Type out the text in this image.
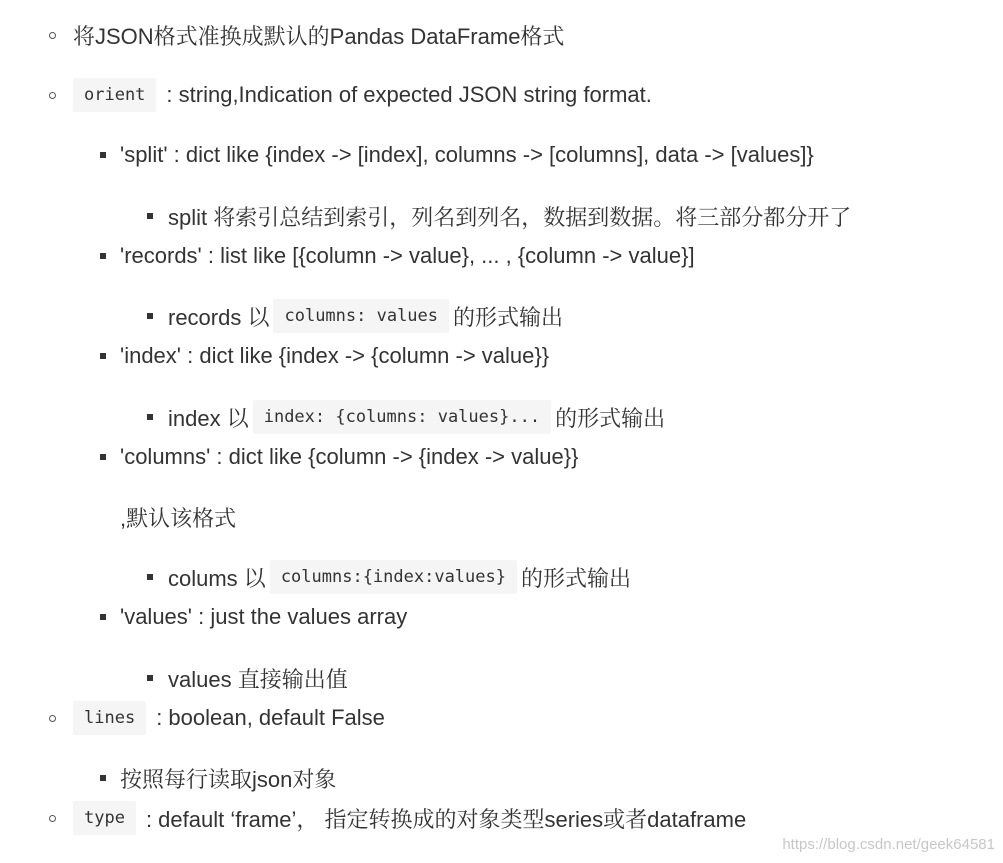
将JSON格式准换成默认的Pandas DataFrame格式
orient : string,Indication of expected JSON string format.
'split' : dict like {index -> [index], columns -> [columns], data -> [values]}
split 将索引总结到索引，列名到列名，数据到数据。将三部分都分开了
'records' : list like [{column -> value}, ... , {column -> value}]
records 以 columns: values 的形式输出
'index' : dict like {index -> {column -> value}}
index 以 index: {columns: values}... 的形式输出
'columns' : dict like {column -> {index -> value}}
,默认该格式
colums 以 columns:{index:values} 的形式输出
'values' : just the values array
values 直接输出值
lines : boolean, default False
按照每行读取json对象
type : default ‘frame’， 指定转换成的对象类型series或者dataframe
https://blog.csdn.net/geek64581
